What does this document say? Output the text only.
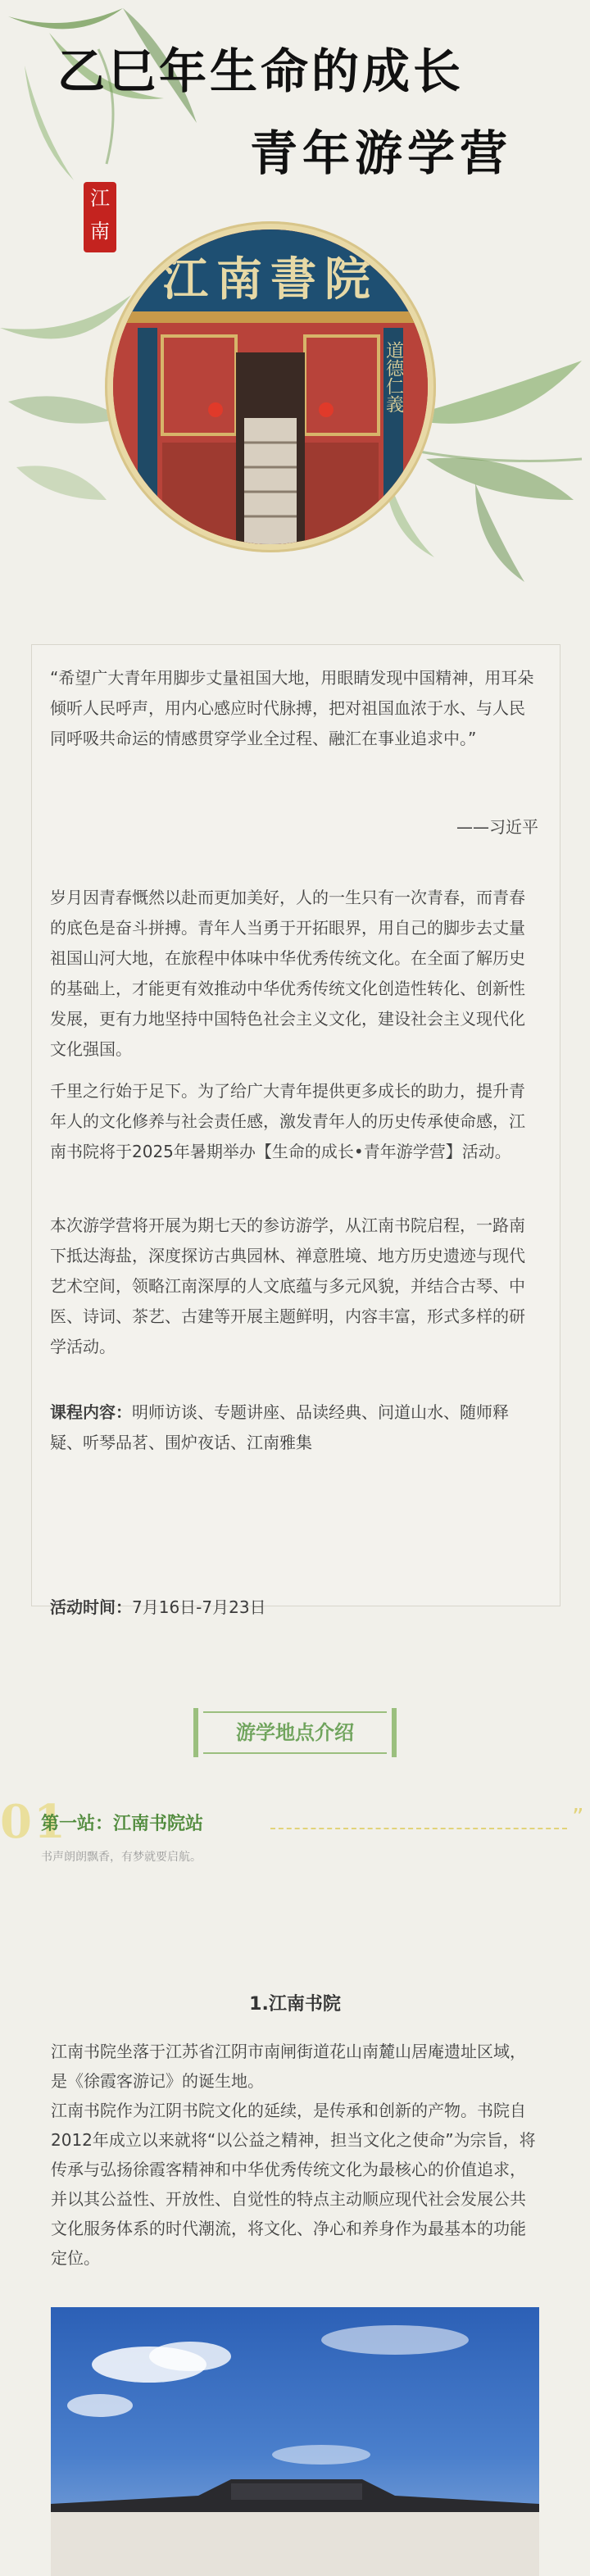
乙巳年生命的成长
青年游学营
江南
江南書院
道德仁義
“希望广大青年用脚步丈量祖国大地，用眼睛发现中国精神，用耳朵倾听人民呼声，用内心感应时代脉搏，把对祖国血浓于水、与人民同呼吸共命运的情感贯穿学业全过程、融汇在事业追求中。”
——习近平
岁月因青春慨然以赴而更加美好，人的一生只有一次青春，而青春的底色是奋斗拼搏。青年人当勇于开拓眼界，用自己的脚步去丈量祖国山河大地，在旅程中体味中华优秀传统文化。在全面了解历史的基础上，才能更有效推动中华优秀传统文化创造性转化、创新性发展，更有力地坚持中国特色社会主义文化，建设社会主义现代化文化强国。
千里之行始于足下。为了给广大青年提供更多成长的助力，提升青年人的文化修养与社会责任感，激发青年人的历史传承使命感，江南书院将于2025年暑期举办【生命的成长•青年游学营】活动。
本次游学营将开展为期七天的参访游学，从江南书院启程，一路南下抵达海盐，深度探访古典园林、禅意胜境、地方历史遗迹与现代艺术空间，领略江南深厚的人文底蕴与多元风貌，并结合古琴、中医、诗词、茶艺、古建等开展主题鲜明，内容丰富，形式多样的研学活动。
课程内容：明师访谈、专题讲座、品读经典、问道山水、随师释疑、听琴品茗、围炉夜话、江南雅集
活动时间：7月16日-7月23日
游学地点介绍
01
第一站：江南书院站	”
书声朗朗飘香，有梦就要启航。
1.江南书院
江南书院坐落于江苏省江阴市南闸街道花山南麓山居庵遗址区域，是《徐霞客游记》的诞生地。
江南书院作为江阴书院文化的延续，是传承和创新的产物。书院自2012年成立以来就将“以公益之精神，担当文化之使命”为宗旨，将传承与弘扬徐霞客精神和中华优秀传统文化为最核心的价值追求，并以其公益性、开放性、自觉性的特点主动顺应现代社会发展公共文化服务体系的时代潮流，将文化、净心和养身作为最基本的功能定位。
